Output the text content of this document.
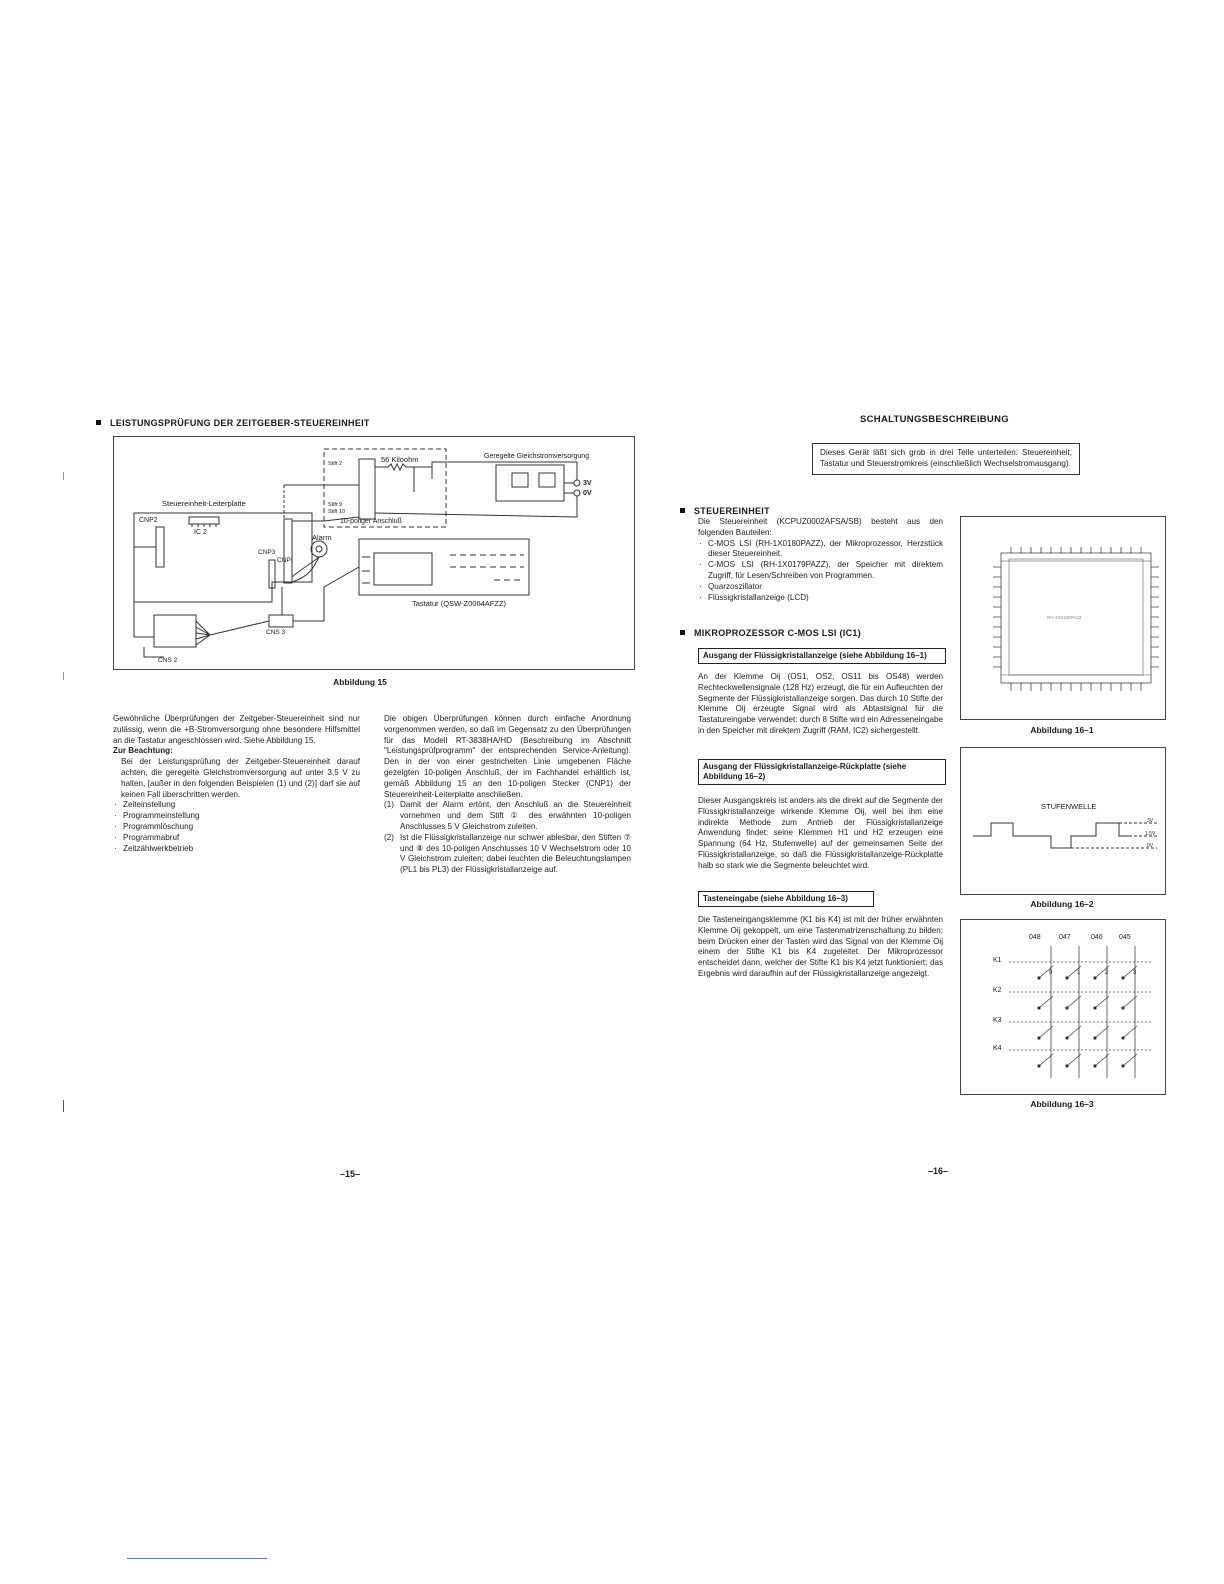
LEISTUNGSPRÜFUNG DER ZEITGEBER-STEUEREINHEIT
Steuereinheit-Leiterplatte
CNP2
IC 2
CNP3
CNPI
Alarm
56 Kiloohm
Stift 2
Stift 9
Stift 10
10-poliger Anschluß
Geregelte Gleichstromversorgung
3V
0V
Tastatur (QSW-Z0064AFZZ)
CNS 3
CNS 2
Abbildung 15

Gewöhnliche Überprüfungen der Zeitgeber-Steuereinheit sind nur zulässig, wenn die +B-Stromversorgung ohne besondere Hilfsmittel an die Tastatur angeschlossen wird. Siehe Abbildung 15.

Zur Beachtung:

Bei der Leistungsprüfung der Zeitgeber-Steuereinheit darauf achten, die geregelte Gleichstromversorgung auf unter 3,5 V zu halten, [außer in den folgenden Beispielen (1) und (2)] darf sie auf keinen Fall überschritten werden.

· Zeiteinstellung
· Programmeinstellung
· Programmlöschung
· Programmabruf
· Zeitzählwerkbetrieb

Die obigen Überprüfungen können durch einfache Anordnung vorgenommen werden, so daß im Gegensatz zu den Überprüfungen für das Modell RT-3838HA/HD (Beschreibung im Abschnitt "Leistungsprüfprogramm" der entsprechenden Service-Anleitung). Den in der von einer gestrichelten Linie umgebenen Fläche gezeigten 10-poligen Anschluß, der im Fachhandel erhältlich ist, gemäß Abbildung 15 an den 10-poligen Stecker (CNP1) der Steuereinheit-Leiterplatte anschließen.

(1) Damit der Alarm ertönt, den Anschluß an die Steuereinheit vornehmen und dem Stift ① des erwähnten 10-poligen Anschlusses 5 V Gleichstrom zuleiten.
(2) Ist die Flüssigkristallanzeige nur schwer ablesbar, den Stiften ⑦ und ⑧ des 10-poligen Anschlusses 10 V Wechselstrom oder 10 V Gleichstrom zuleiten; dabei leuchten die Beleuchtungslampen (PL1 bis PL3) der Flüssigkristallanzeige auf.
–15–
SCHALTUNGSBESCHREIBUNG

Dieses Gerät läßt sich grob in drei Teile unterteilen: Steuereinheit, Tastatur und Steuerstromkreis (einschließlich Wechselstromausgang).

STEUEREINHEIT

Die Steuereinheit (KCPUZ0002AFSA/SB) besteht aus den folgenden Bauteilen:

· C-MOS LSI (RH-1X0180PAZZ), der Mikroprozessor, Herzstück dieser Steuereinheit.
· C-MOS LSI (RH-1X0179PAZZ), der Speicher mit direktem Zugriff, für Lesen/Schreiben von Programmen.
· Quarzoszillator
· Flüssigkristallanzeige (LCD)
MIKROPROZESSOR C-MOS LSI (IC1)
Ausgang der Flüssigkristallanzeige (siehe Abbildung 16–1)

An der Klemme Oij (OS1, OS2, OS11 bis OS48) werden Rechteckwellensignale (128 Hz) erzeugt, die für ein Aufleuchten der Segmente der Flüssigkristallanzeige sorgen. Das durch 10 Stifte der Klemme Oij erzeugte Signal wird als Abtastsignal für die Tastatureingabe verwendet: durch 8 Stifte wird ein Adresseneingabe in den Speicher mit direktem Zugriff (RAM, IC2) sichergestellt.

Ausgang der Flüssigkristallanzeige-Rückplatte (siehe Abbildung 16–2)

Dieser Ausgangskreis ist anders als die direkt auf die Segmente der Flüssigkristallanzeige wirkende Klemme Oij, weil bei ihm eine indirekte Methode zum Antrieb der Flüssigkristallanzeige Anwendung findet: seine Klemmen H1 und H2 erzeugen eine Spannung (64 Hz, Stufenwelle) auf der gemeinsamen Seite der Flüssigkristallanzeige, so daß die Flüssigkristallanzeige-Rückplatte halb so stark wie die Segmente beleuchtet wird.

Tasteneingabe (siehe Abbildung 16–3)

Die Tasteneingangsklemme (K1 bis K4) ist mit der früher erwähnten Klemme Oij gekoppelt, um eine Tastenmatrizenschaltung zu bilden; beim Drücken einer der Tasten wird das Signal von der Klemme Oij einem der Stifte K1 bis K4 zugeleitet. Der Mikroprozessor entscheidet dann, welcher der Stifte K1 bis K4 jetzt funktioniert; das Ergebnis wird daraufhin auf der Flüssigkristallanzeige angezeigt.

RH-1X0180PAZZ
Abbildung 16–1
STUFENWELLE
3V
1.5V
0V
Abbildung 16–2
048	047	046 045
K1
K2
K3
K4
0	1	2	3
Abbildung 16–3
–16–
